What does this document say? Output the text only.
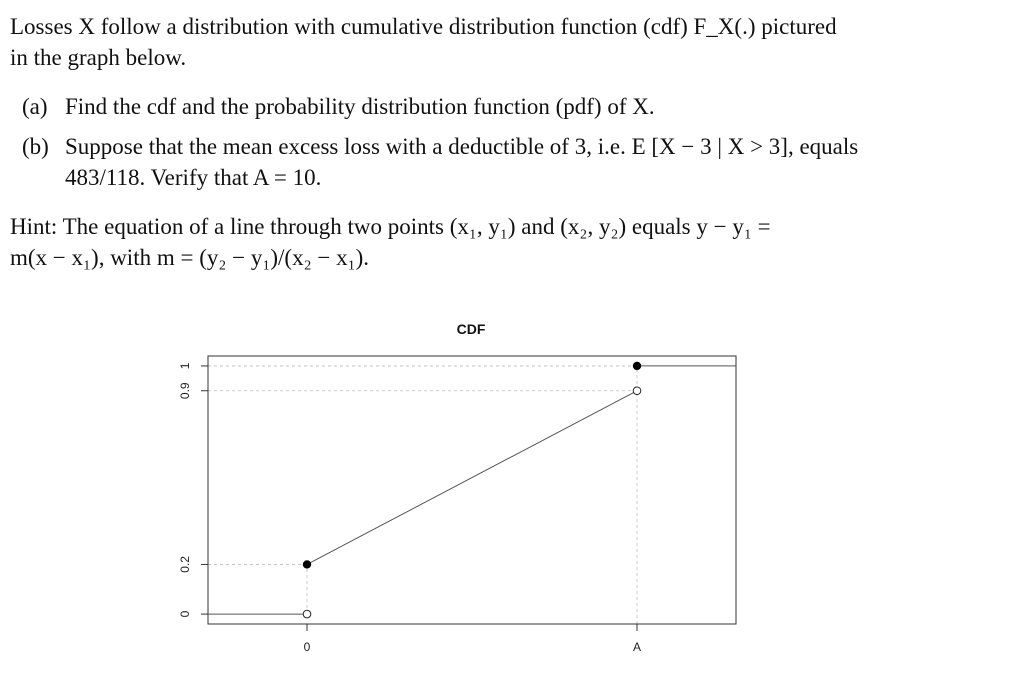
Losses X follow a distribution with cumulative distribution function (cdf) F_X(.) pictured
in the graph below.
(a) Find the cdf and the probability distribution function (pdf) of X.
(b) Suppose that the mean excess loss with a deductible of 3, i.e. E [X − 3 | X > 3], equals
483/118. Verify that A = 10.
Hint: The equation of a line through two points (x₁, y₁) and (x₂, y₂) equals y − y₁ =
m(x − x₁), with m = (y₂ − y₁)/(x₂ − x₁).
CDF
0	A
0
0.2
0.9
1
